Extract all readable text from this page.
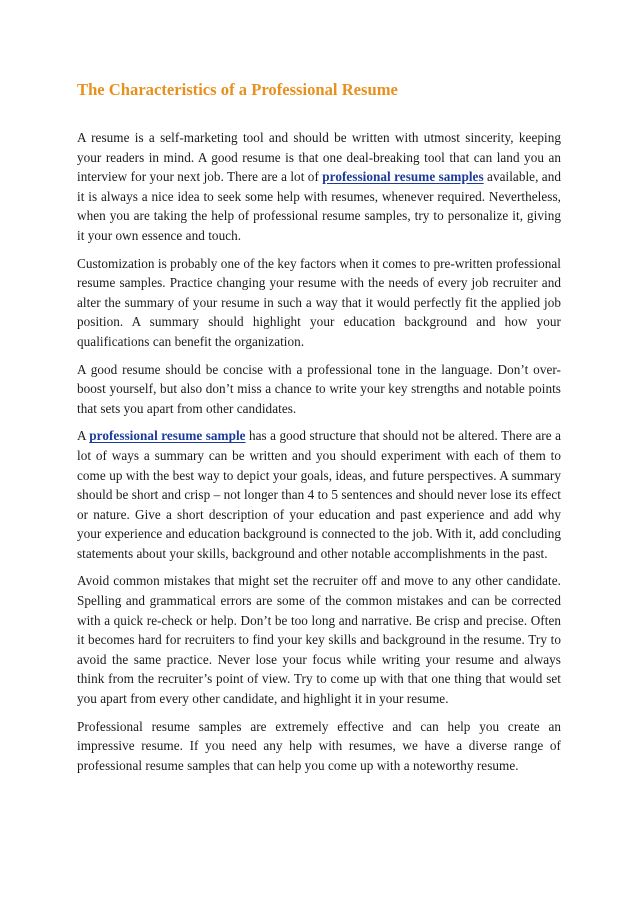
The Characteristics of a Professional Resume

A resume is a self-marketing tool and should be written with utmost sincerity, keeping your readers in mind. A good resume is that one deal-breaking tool that can land you an interview for your next job. There are a lot of professional resume samples available, and it is always a nice idea to seek some help with resumes, whenever required. Nevertheless, when you are taking the help of professional resume samples, try to personalize it, giving it your own essence and touch.

Customization is probably one of the key factors when it comes to pre-written professional resume samples. Practice changing your resume with the needs of every job recruiter and alter the summary of your resume in such a way that it would perfectly fit the applied job position. A summary should highlight your education background and how your qualifications can benefit the organization.

A good resume should be concise with a professional tone in the language. Don’t over-boost yourself, but also don’t miss a chance to write your key strengths and notable points that sets you apart from other candidates.

A professional resume sample has a good structure that should not be altered. There are a lot of ways a summary can be written and you should experiment with each of them to come up with the best way to depict your goals, ideas, and future perspectives. A summary should be short and crisp – not longer than 4 to 5 sentences and should never lose its effect or nature. Give a short description of your education and past experience and add why your experience and education background is connected to the job. With it, add concluding statements about your skills, background and other notable accomplishments in the past.

Avoid common mistakes that might set the recruiter off and move to any other candidate. Spelling and grammatical errors are some of the common mistakes and can be corrected with a quick re-check or help. Don’t be too long and narrative. Be crisp and precise. Often it becomes hard for recruiters to find your key skills and background in the resume. Try to avoid the same practice. Never lose your focus while writing your resume and always think from the recruiter’s point of view. Try to come up with that one thing that would set you apart from every other candidate, and highlight it in your resume.

Professional resume samples are extremely effective and can help you create an impressive resume. If you need any help with resumes, we have a diverse range of professional resume samples that can help you come up with a noteworthy resume.
